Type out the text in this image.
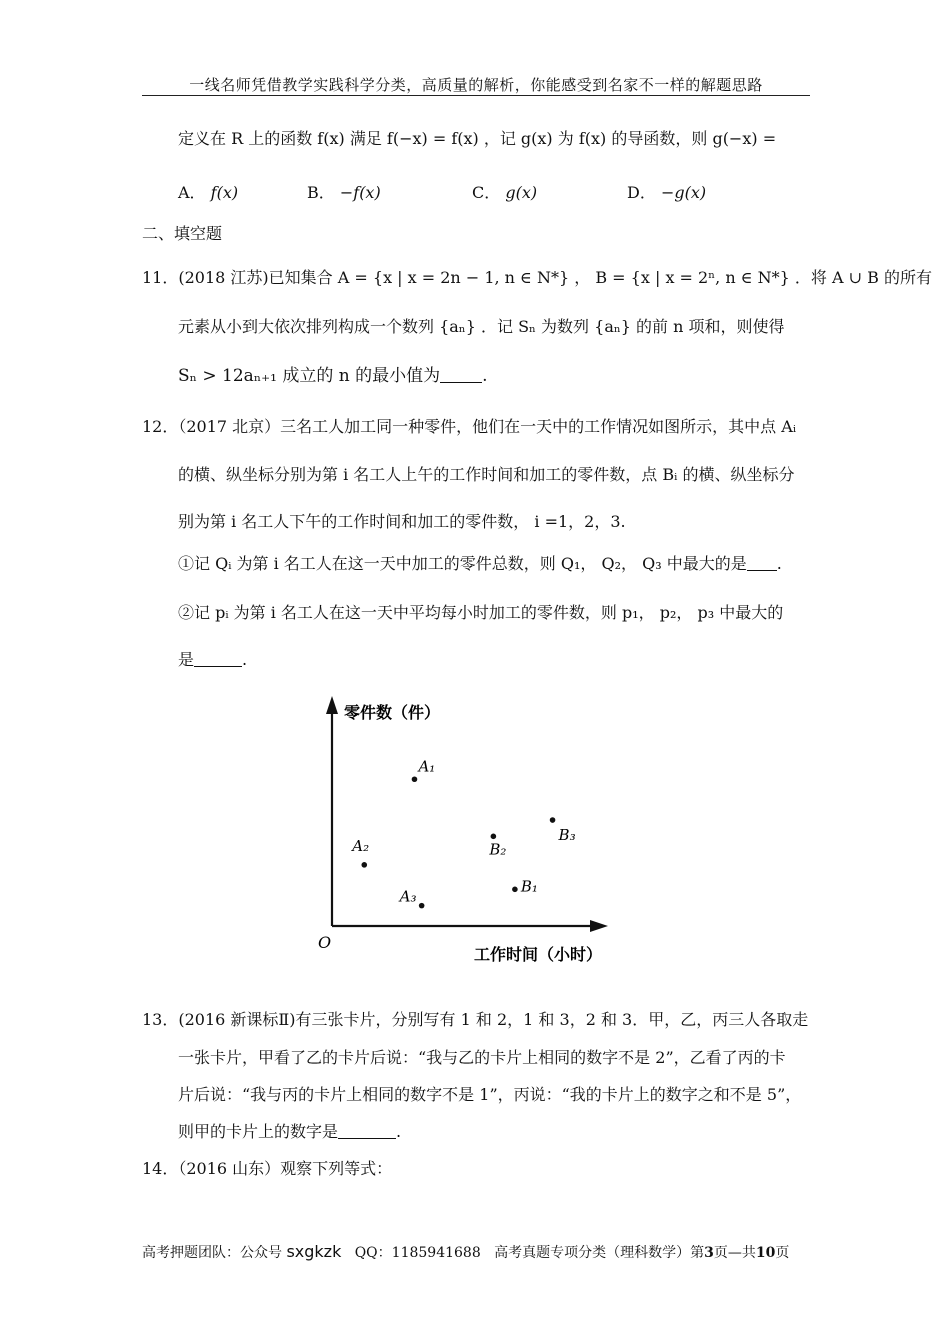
一线名师凭借教学实践科学分类，高质量的解析，你能感受到名家不一样的解题思路
定义在 R 上的函数 f(x) 满足 f(−x) = f(x) ，记 g(x) 为 f(x) 的导函数，则 g(−x) =
A． f(x)	B． −f(x)	C． g(x)	D． −g(x)
二、填空题
11．(2018 江苏)已知集合 A = {x | x = 2n − 1, n ∈ N*} ， B = {x | x = 2ⁿ, n ∈ N*} ．将 A ∪ B 的所有
元素从小到大依次排列构成一个数列 {aₙ} ．记 Sₙ 为数列 {aₙ} 的前 n 项和，则使得
Sₙ > 12aₙ₊₁ 成立的 n 的最小值为 .
12．（2017 北京）三名工人加工同一种零件，他们在一天中的工作情况如图所示，其中点 Aᵢ
的横、纵坐标分别为第 i 名工人上午的工作时间和加工的零件数，点 Bᵢ 的横、纵坐标分
别为第 i 名工人下午的工作时间和加工的零件数， i =1，2，3.
①记 Qᵢ 为第 i 名工人在这一天中加工的零件总数，则 Q₁， Q₂， Q₃ 中最大的是 .
②记 pᵢ 为第 i 名工人在这一天中平均每小时加工的零件数，则 p₁， p₂， p₃ 中最大的
是	.
零件数（件）
工作时间（小时）
O
A₁
A₂
A₃
B₁
B₂
B₃
13．(2016 新课标Ⅱ)有三张卡片，分别写有 1 和 2，1 和 3，2 和 3．甲，乙，丙三人各取走
一张卡片，甲看了乙的卡片后说：“我与乙的卡片上相同的数字不是 2”，乙看了丙的卡
片后说：“我与丙的卡片上相同的数字不是 1”，丙说：“我的卡片上的数字之和不是 5”，
则甲的卡片上的数字是	.
14．（2016 山东）观察下列等式：
高考押题团队：公众号 sxgkzk QQ：1185941688 高考真题专项分类（理科数学）第3页—共10页
